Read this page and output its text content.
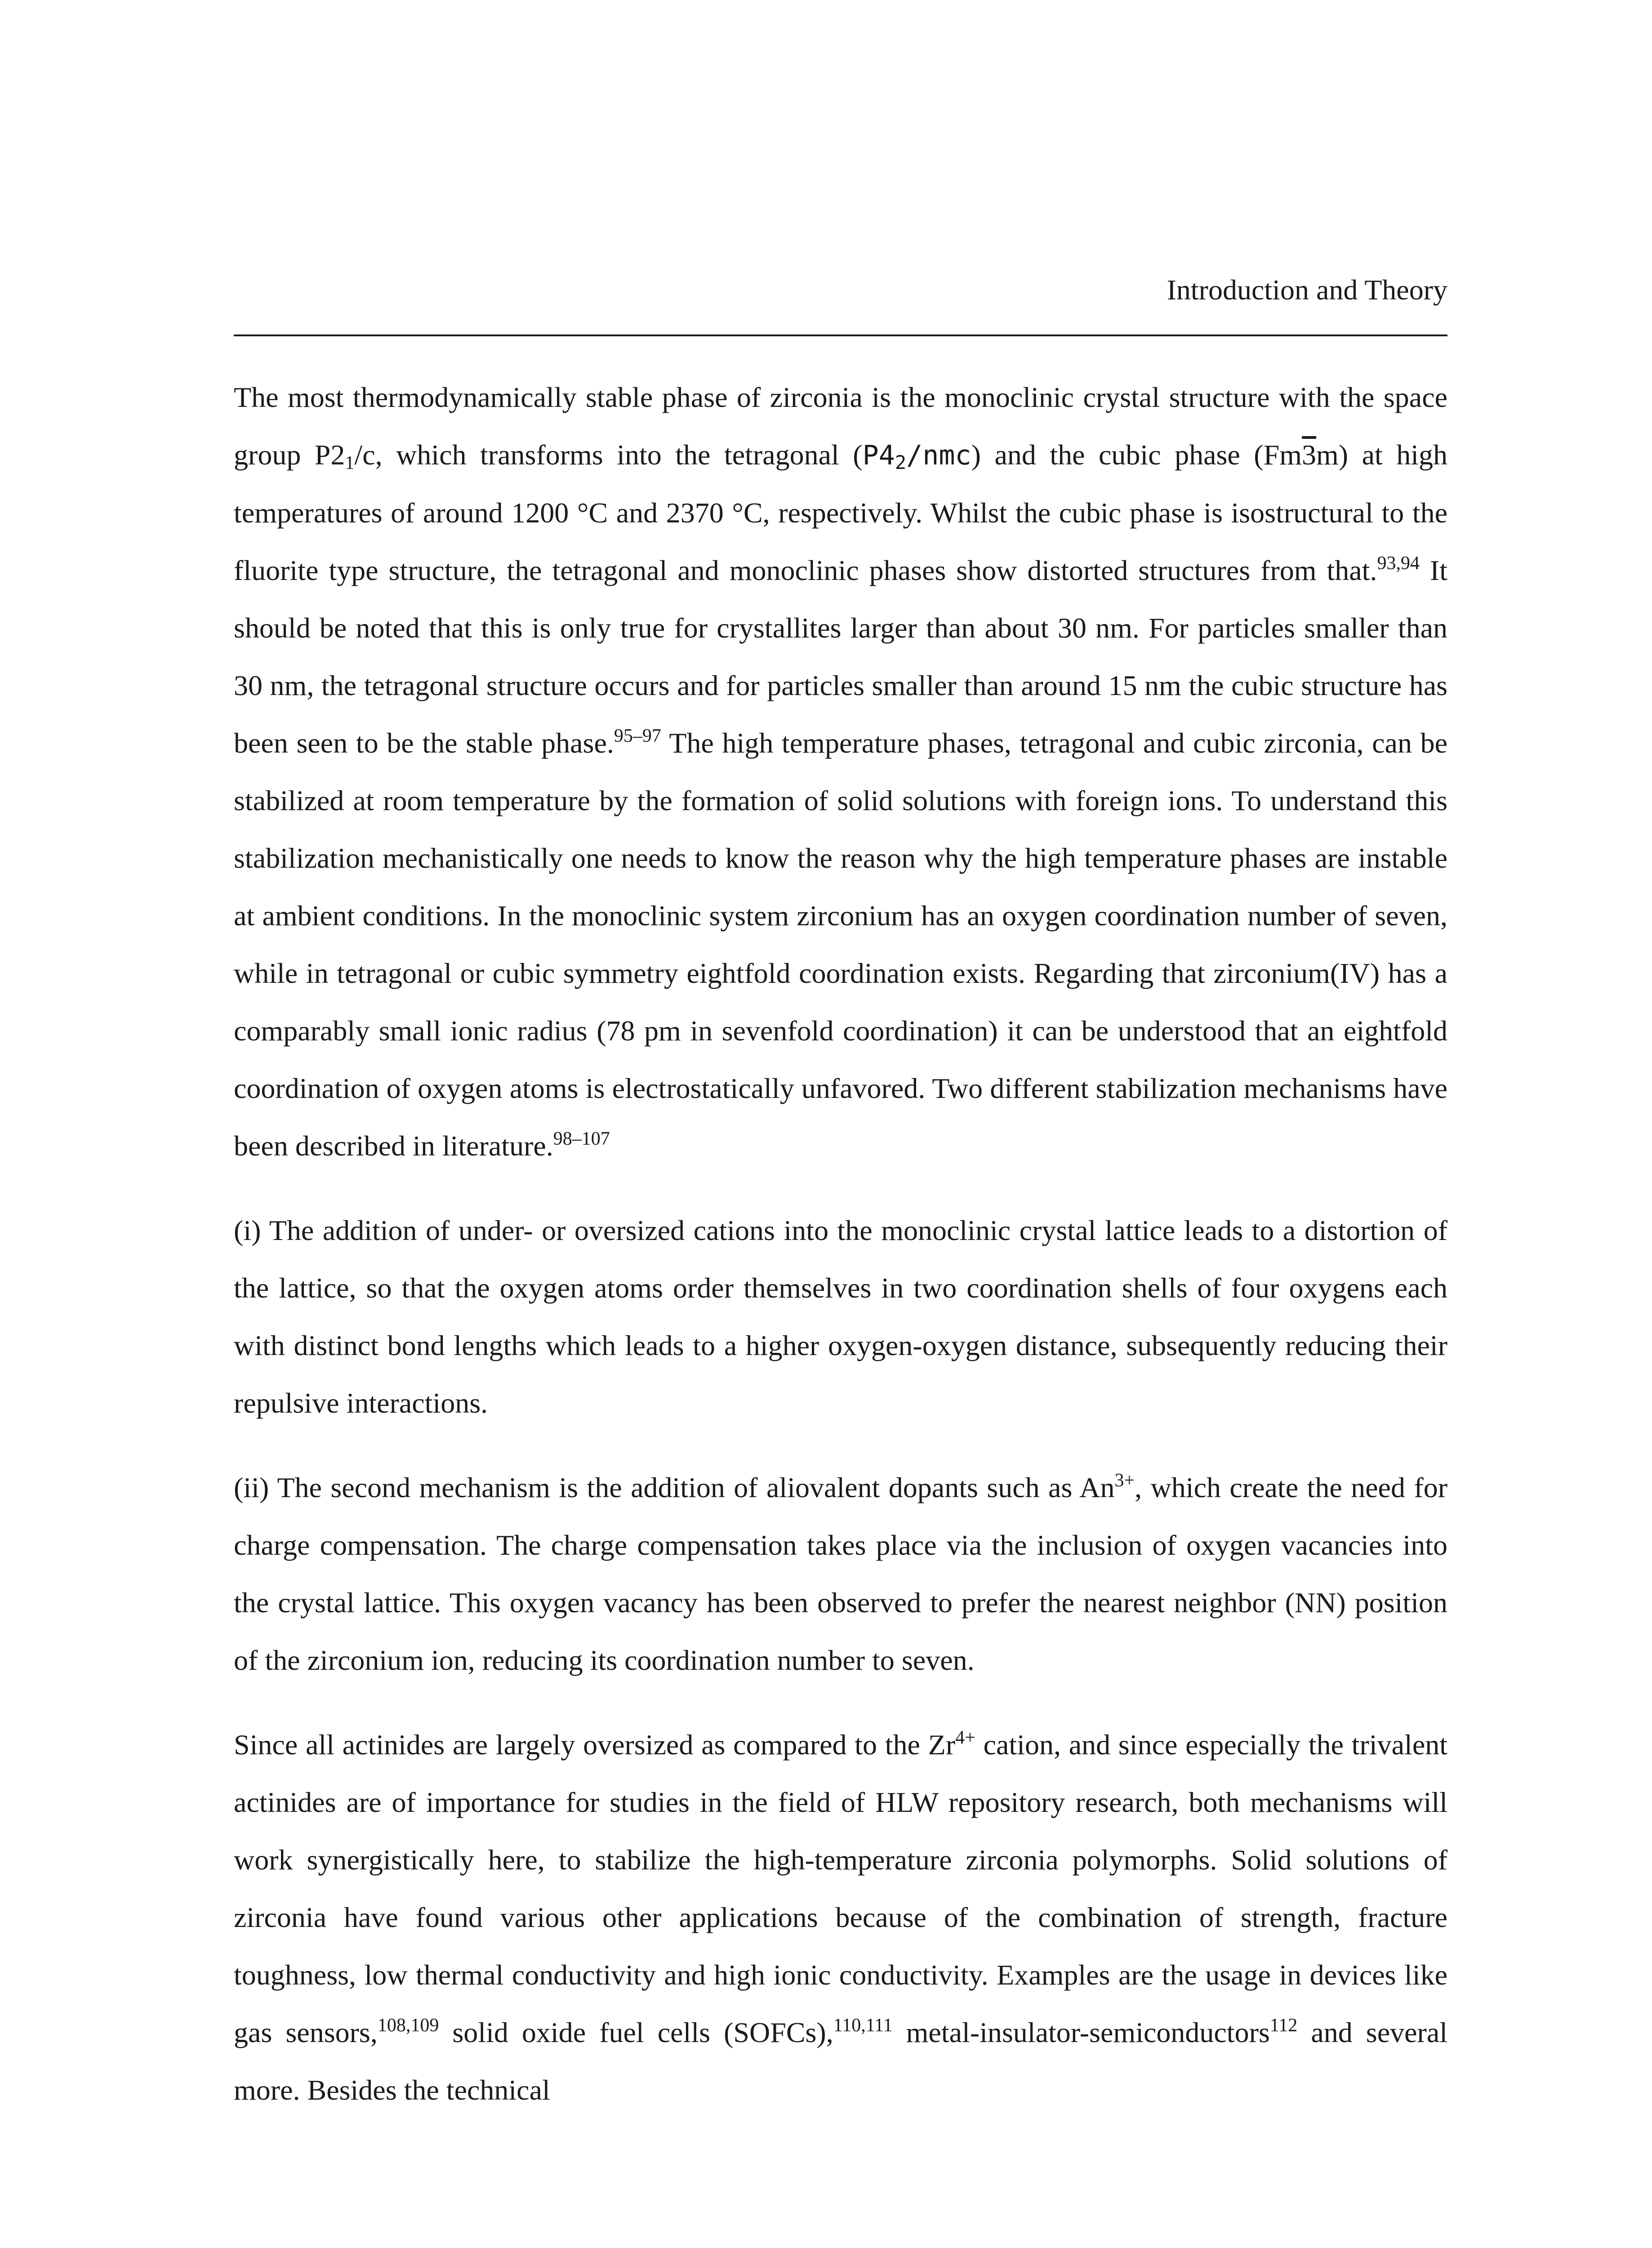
Introduction and Theory

The most thermodynamically stable phase of zirconia is the monoclinic crystal structure with the space group $P2_1/c$, which transforms into the tetragonal $(P4_2/nmc)$ and the cubic phase (Fm3m) at high temperatures of around 1200 °C and 2370 °C, respectively. Whilst the cubic phase is isostructural to the fluorite type structure, the tetragonal and monoclinic phases show distorted structures from that.$^{93,94}$ It should be noted that this is only true for crystallites larger than about 30 nm. For particles smaller than 30 nm, the tetragonal structure occurs and for particles smaller than around 15 nm the cubic structure has been seen to be the stable phase.$^{95-97}$ The high temperature phases, tetragonal and cubic zirconia, can be stabilized at room temperature by the formation of solid solutions with foreign ions. To understand this stabilization mechanistically one needs to know the reason why the high temperature phases are instable at ambient conditions. In the monoclinic system zirconium has an oxygen coordination number of seven, while in tetragonal or cubic symmetry eightfold coordination exists. Regarding that zirconium(IV) has a comparably small ionic radius (78 pm in sevenfold coordination) it can be understood that an eightfold coordination of oxygen atoms is electrostatically unfavored. Two different stabilization mechanisms have been described in literature.$^{98-107}$

(i) The addition of under- or oversized cations into the monoclinic crystal lattice leads to a distortion of the lattice, so that the oxygen atoms order themselves in two coordination shells of four oxygens each with distinct bond lengths which leads to a higher oxygen-oxygen distance, subsequently reducing their repulsive interactions.

(ii) The second mechanism is the addition of aliovalent dopants such as $An^{3+}$, which create the need for charge compensation. The charge compensation takes place via the inclusion of oxygen vacancies into the crystal lattice. This oxygen vacancy has been observed to prefer the nearest neighbor (NN) position of the zirconium ion, reducing its coordination number to seven.

Since all actinides are largely oversized as compared to the $Zr^{4+}$ cation, and since especially the trivalent actinides are of importance for studies in the field of HLW repository research, both mechanisms will work synergistically here, to stabilize the high-temperature zirconia polymorphs. Solid solutions of zirconia have found various other applications because of the combination of strength, fracture toughness, low thermal conductivity and high ionic conductivity. Examples are the usage in devices like gas sensors,$^{108,109}$ solid oxide fuel cells (SOFCs),$^{110,111}$ metal-insulator-semiconductors$^{112}$ and several more. Besides the technical
